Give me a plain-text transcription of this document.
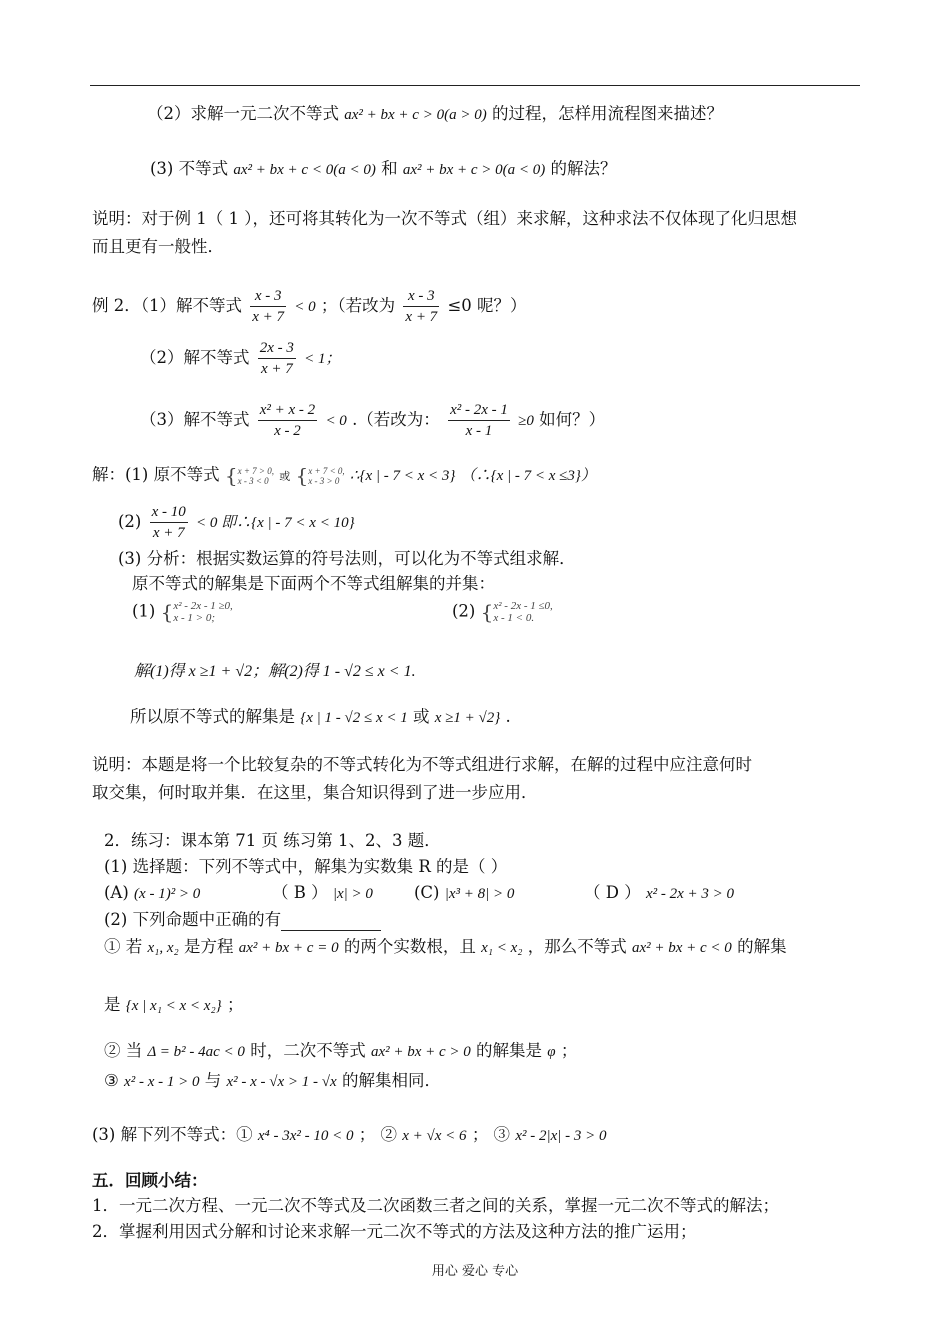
（2）求解一元二次不等式 ax² + bx + c > 0(a > 0) 的过程，怎样用流程图来描述？
(3) 不等式 ax² + bx + c < 0(a < 0) 和 ax² + bx + c > 0(a < 0) 的解法？
说明：对于例 1（ 1 ），还可将其转化为一次不等式（组）来求解，这种求法不仅体现了化归思想
而且更有一般性．
例 2．（1）解不等式 $\frac{x - 3}{x + 7} < 0$ ；（若改为 $\frac{x - 3}{x + 7} \le 0$ 呢？）
（2）解不等式 $\frac{2x - 3}{x + 7} < 1$；
（3）解不等式 $\frac{\text{x² + x - 2}}{x - 2} < 0$ .（若改为： $\frac{\text{x² - 2x - 1}}{x - 1} \ge 0$ 如何？）
解：(1) 原不等式 {x + 7 > 0,
x - 3 < 0 或 {x + 7 < 0,
x - 3 > 0 ∴{x | - 7 < x < 3} （∴{x | - 7 < x ≤3}）
$(2) \frac{x - 10}{x + 7} < 0$ 即∴{x | - 7 < x < 10}
(3) 分析：根据实数运算的符号法则，可以化为不等式组求解．
原不等式的解集是下面两个不等式组解集的并集：
(1) {x² - 2x - 1 ≥0,
x - 1 > 0;	(2) {x² - 2x - 1 ≤0,
x - 1 < 0.
解(1)得 x ≥1 + √2；解(2)得 1 - √2 ≤ x < 1.
所以原不等式的解集是 {x | 1 - √2 ≤ x < 1 或 x ≥1 + √2} .
说明：本题是将一个比较复杂的不等式转化为不等式组进行求解，在解的过程中应注意何时
取交集，何时取并集．在这里，集合知识得到了进一步应用．
2．练习：课本第 71 页 练习第 1、2、3 题．
(1) 选择题：下列不等式中，解集为实数集 R 的是（ ）
(A) (x - 1)² > 0	（ B ） |x| > 0 (C) |x³ + 8| > 0	（ D ） x² - 2x + 3 > 0
(2) 下列命题中正确的有
① 若 x₁, x₂ 是方程 ax² + bx + c = 0 的两个实数根，且 x₁ < x₂ ，那么不等式 ax² + bx + c < 0 的解集
是 {x | x₁ < x < x₂} ；
② 当 Δ = b² - 4ac < 0 时，二次不等式 ax² + bx + c > 0 的解集是 φ ；
③ x² - x - 1 > 0 与 x² - x - √x > 1 - √x 的解集相同．
(3) 解下列不等式：① x⁴ - 3x² - 10 < 0 ； ② x + √x < 6 ； ③ x² - 2|x| - 3 > 0
五．回顾小结：
1．一元二次方程、一元二次不等式及二次函数三者之间的关系，掌握一元二次不等式的解法；
2．掌握利用因式分解和讨论来求解一元二次不等式的方法及这种方法的推广运用；
用心 爱心 专心
